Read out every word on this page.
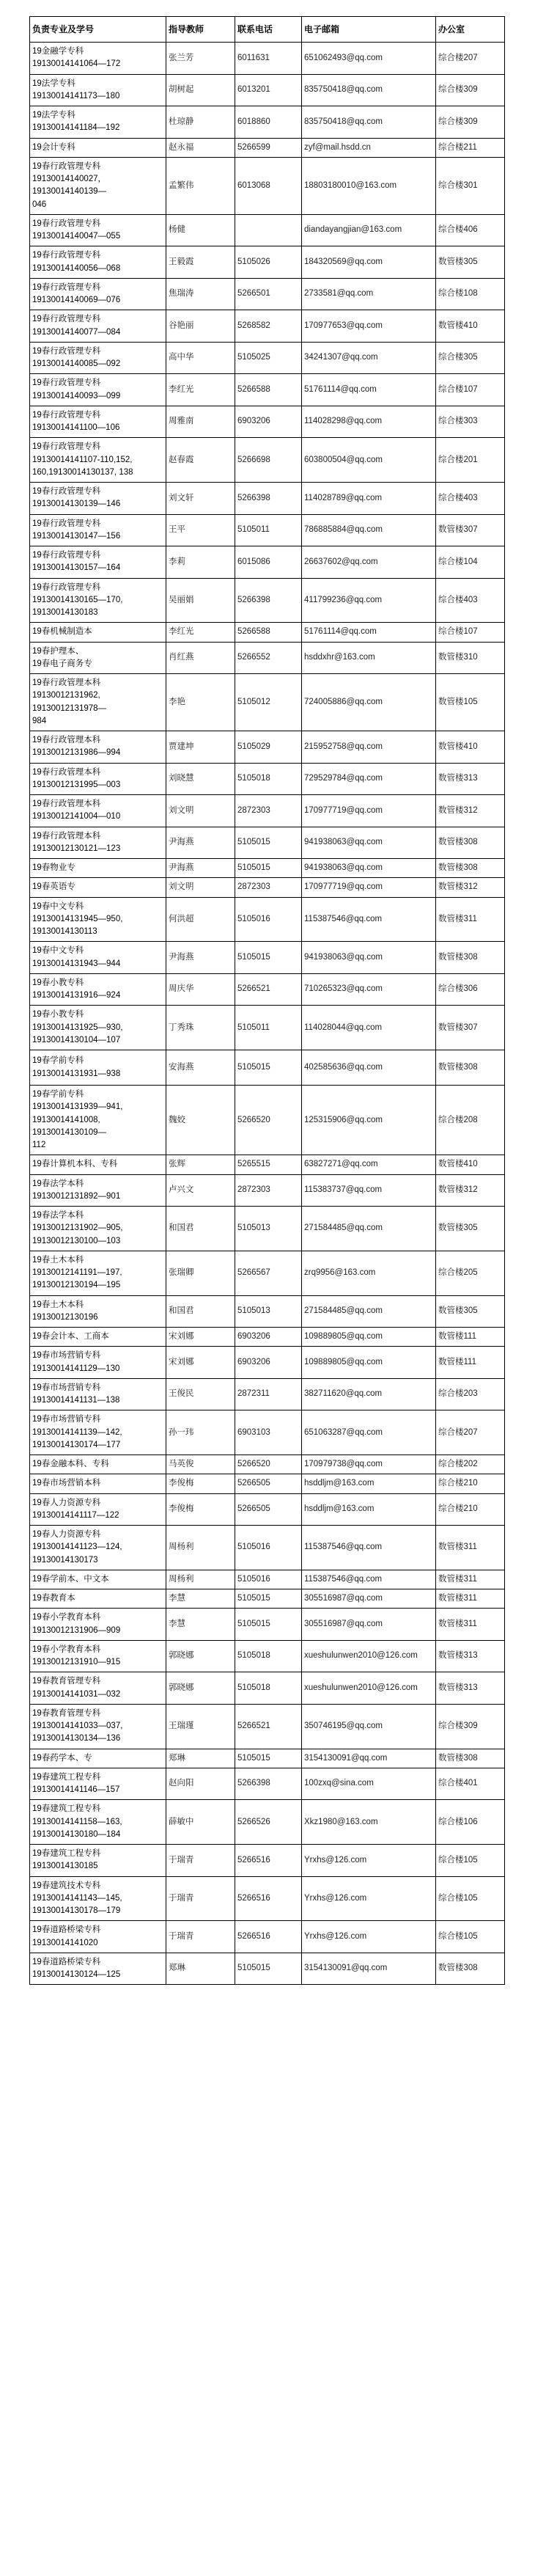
负责专业及学号	指导教师	联系电话	电子邮箱	办公室
19金融学专科
19130014141064—172	张兰芳	6011631	651062493@qq.com	综合楼207
19法学专科
19130014141173—180	胡树起	6013201	835750418@qq.com	综合楼309
19法学专科
19130014141184—192	杜琼静	6018860	835750418@qq.com	综合楼309
19会计专科	赵永福	5266599	zyf@mail.hsdd.cn	综合楼211
19春行政管理专科
19130014140027，
19130014140139—
046	孟繁伟	6013068	18803180010@163.com	综合楼301
19春行政管理专科
19130014140047—055	杨健		diandayangjian@163.com	综合楼406
19春行政管理专科
19130014140056—068	王毅霞	5105026	184320569@qq.com	数管楼305
19春行政管理专科
19130014140069—076	焦瑞涛	5266501	2733581@qq.com	综合楼108
19春行政管理专科
19130014140077—084	谷艳丽	5268582	170977653@qq.com	数管楼410
19春行政管理专科
19130014140085—092	高中华	5105025	34241307@qq.com	综合楼305
19春行政管理专科
19130014140093—099	李红光	5266588	51761114@qq.com	综合楼107
19春行政管理专科
19130014141100—106	周雅南	6903206	114028298@qq.com	综合楼303
19春行政管理专科
19130014141107-110,152,
160,19130014130137, 138	赵春霞	5266698	603800504@qq.com	综合楼201
19春行政管理专科
19130014130139—146	刘文轩	5266398	114028789@qq.com	综合楼403
19春行政管理专科
19130014130147—156	王平	5105011	786885884@qq.com	数管楼307
19春行政管理专科
19130014130157—164	李莉	6015086	26637602@qq.com	综合楼104
19春行政管理专科
19130014130165—170,
19130014130183	吴丽娟	5266398	411799236@qq.com	综合楼403
19春机械制造本	李红光	5266588	51761114@qq.com	综合楼107
19春护理本、
19春电子商务专	肖红燕	5266552	hsddxhr@163.com	数管楼310
19春行政管理本科
19130012131962,
19130012131978—
984	李艳	5105012	724005886@qq.com	数管楼105
19春行政管理本科
19130012131986—994	贾建坤	5105029	215952758@qq.com	数管楼410
19春行政管理本科
19130012131995—003	刘晓慧	5105018	729529784@qq.com	数管楼313
19春行政管理本科
19130012141004—010	刘文明	2872303	170977719@qq.com	数管楼312
19春行政管理本科
19130012130121—123	尹海燕	5105015	941938063@qq.com	数管楼308
19春物业专	尹海燕	5105015	941938063@qq.com	数管楼308
19春英语专	刘文明	2872303	170977719@qq.com	数管楼312
19春中文专科
19130014131945—950,
19130014130113	何洪超	5105016	115387546@qq.com	数管楼311
19春中文专科
19130014131943—944	尹海燕	5105015	941938063@qq.com	数管楼308
19春小教专科
19130014131916—924	周庆华	5266521	710265323@qq.com	综合楼306
19春小教专科
19130014131925—930,
19130014130104—107	丁秀珠	5105011	114028044@qq.com	数管楼307
19春学前专科
19130014131931—938	安海燕	5105015	402585636@qq.com	数管楼308
19春学前专科
19130014131939—941,
19130014141008,
19130014130109—
112	魏姣	5266520	125315906@qq.com	综合楼208
19春计算机本科、专科	张辉	5265515	63827271@qq.com	数管楼410
19春法学本科
19130012131892—901	卢兴文	2872303	115383737@qq.com	数管楼312
19春法学本科
19130012131902—905,
19130012130100—103	和国君	5105013	271584485@qq.com	数管楼305
19春土木本科
19130012141191—197,
19130012130194—195	张瑞卿	5266567	zrq9956@163.com	综合楼205
19春土木本科
19130012130196	和国君	5105013	271584485@qq.com	数管楼305
19春会计本、工商本	宋刘娜	6903206	109889805@qq.com	数管楼111
19春市场营销专科
19130014141129—130	宋刘娜	6903206	109889805@qq.com	数管楼111
19春市场营销专科
19130014141131—138	王俊民	2872311	382711620@qq.com	综合楼203
19春市场营销专科
19130014141139—142,
19130014130174—177	孙一玮	6903103	651063287@qq.com	综合楼207
19春金融本科、专科	马英俊	5266520	170979738@qq.com	综合楼202
19春市场营销本科	李俊梅	5266505	hsddljm@163.com	综合楼210
19春人力资源专科
19130014141117—122	李俊梅	5266505	hsddljm@163.com	综合楼210
19春人力资源专科
19130014141123—124,
19130014130173	周杨利	5105016	115387546@qq.com	数管楼311
19春学前本、中文本	周杨利	5105016	115387546@qq.com	数管楼311
19春教育本	李慧	5105015	305516987@qq.com	数管楼311
19春小学教育本科
19130012131906—909	李慧	5105015	305516987@qq.com	数管楼311
19春小学教育本科
19130012131910—915	郭晓娜	5105018	xueshulunwen2010@126.com	数管楼313
19春教育管理专科
19130014141031—032	郭晓娜	5105018	xueshulunwen2010@126.com	数管楼313
19春教育管理专科
19130014141033—037,
19130014130134—136	王瑞瑾	5266521	350746195@qq.com	综合楼309
19春药学本、专	郑琳	5105015	3154130091@qq.com	数管楼308
19春建筑工程专科
19130014141146—157	赵向阳	5266398	100zxq@sina.com	综合楼401
19春建筑工程专科
19130014141158—163,
19130014130180—184	薛敏中	5266526	Xkz1980@163.com	综合楼106
19春建筑工程专科
19130014130185	于瑞青	5266516	Yrxhs@126.com	综合楼105
19春建筑技术专科
19130014141143—145,
19130014130178—179	于瑞青	5266516	Yrxhs@126.com	综合楼105
19春道路桥梁专科
19130014141020	于瑞青	5266516	Yrxhs@126.com	综合楼105
19春道路桥梁专科
19130014130124—125	郑琳	5105015	3154130091@qq.com	数管楼308
